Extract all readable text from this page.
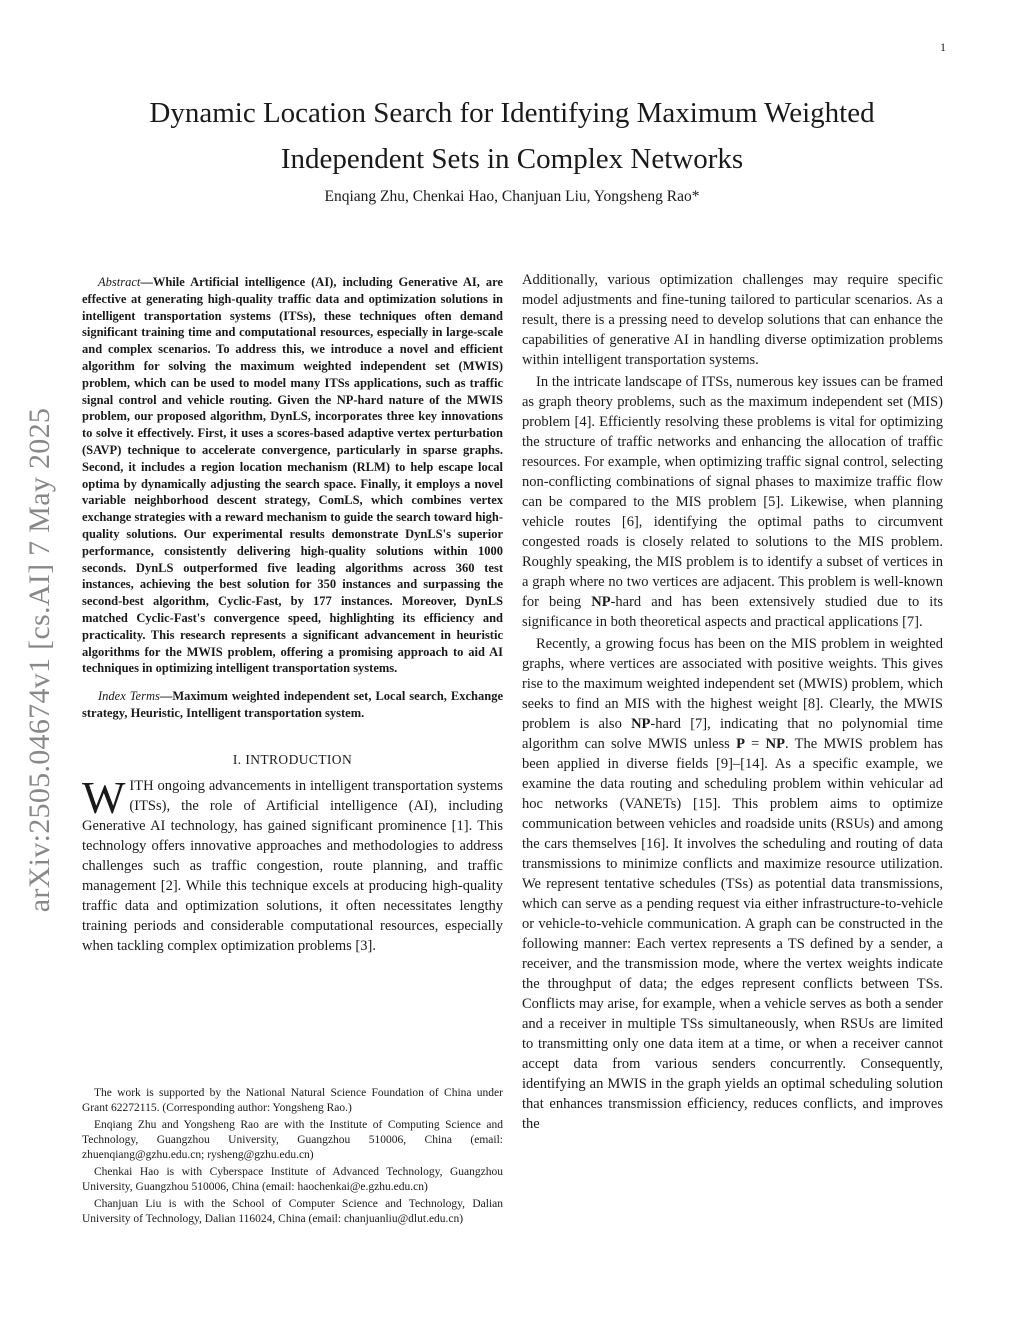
1
arXiv:2505.04674v1 [cs.AI] 7 May 2025
Dynamic Location Search for Identifying Maximum Weighted
Independent Sets in Complex Networks
Enqiang Zhu, Chenkai Hao, Chanjuan Liu, Yongsheng Rao*

Abstract—While Artificial intelligence (AI), including Generative AI, are effective at generating high-quality traffic data and optimization solutions in intelligent transportation systems (ITSs), these techniques often demand significant training time and computational resources, especially in large-scale and complex scenarios. To address this, we introduce a novel and efficient algorithm for solving the maximum weighted independent set (MWIS) problem, which can be used to model many ITSs applications, such as traffic signal control and vehicle routing. Given the NP-hard nature of the MWIS problem, our proposed algorithm, DynLS, incorporates three key innovations to solve it effectively. First, it uses a scores-based adaptive vertex perturbation (SAVP) technique to accelerate convergence, particularly in sparse graphs. Second, it includes a region location mechanism (RLM) to help escape local optima by dynamically adjusting the search space. Finally, it employs a novel variable neighborhood descent strategy, ComLS, which combines vertex exchange strategies with a reward mechanism to guide the search toward high-quality solutions. Our experimental results demonstrate DynLS's superior performance, consistently delivering high-quality solutions within 1000 seconds. DynLS outperformed five leading algorithms across 360 test instances, achieving the best solution for 350 instances and surpassing the second-best algorithm, Cyclic-Fast, by 177 instances. Moreover, DynLS matched Cyclic-Fast's convergence speed, highlighting its efficiency and practicality. This research represents a significant advancement in heuristic algorithms for the MWIS problem, offering a promising approach to aid AI techniques in optimizing intelligent transportation systems.

Index Terms—Maximum weighted independent set, Local search, Exchange strategy, Heuristic, Intelligent transportation system.

I. INTRODUCTION

WITH ongoing advancements in intelligent transportation systems (ITSs), the role of Artificial intelligence (AI), including Generative AI technology, has gained significant prominence [1]. This technology offers innovative approaches and methodologies to address challenges such as traffic congestion, route planning, and traffic management [2]. While this technique excels at producing high-quality traffic data and optimization solutions, it often necessitates lengthy training periods and considerable computational resources, especially when tackling complex optimization problems [3].

The work is supported by the National Natural Science Foundation of China under Grant 62272115. (Corresponding author: Yongsheng Rao.)

Enqiang Zhu and Yongsheng Rao are with the Institute of Computing Science and Technology, Guangzhou University, Guangzhou 510006, China (email: zhuenqiang@gzhu.edu.cn; rysheng@gzhu.edu.cn)

Chenkai Hao is with Cyberspace Institute of Advanced Technology, Guangzhou University, Guangzhou 510006, China (email: haochenkai@e.gzhu.edu.cn)

Chanjuan Liu is with the School of Computer Science and Technology, Dalian University of Technology, Dalian 116024, China (email: chanjuanliu@dlut.edu.cn)

Additionally, various optimization challenges may require specific model adjustments and fine-tuning tailored to particular scenarios. As a result, there is a pressing need to develop solutions that can enhance the capabilities of generative AI in handling diverse optimization problems within intelligent transportation systems.

In the intricate landscape of ITSs, numerous key issues can be framed as graph theory problems, such as the maximum independent set (MIS) problem [4]. Efficiently resolving these problems is vital for optimizing the structure of traffic networks and enhancing the allocation of traffic resources. For example, when optimizing traffic signal control, selecting non-conflicting combinations of signal phases to maximize traffic flow can be compared to the MIS problem [5]. Likewise, when planning vehicle routes [6], identifying the optimal paths to circumvent congested roads is closely related to solutions to the MIS problem. Roughly speaking, the MIS problem is to identify a subset of vertices in a graph where no two vertices are adjacent. This problem is well-known for being NP-hard and has been extensively studied due to its significance in both theoretical aspects and practical applications [7].

Recently, a growing focus has been on the MIS problem in weighted graphs, where vertices are associated with positive weights. This gives rise to the maximum weighted independent set (MWIS) problem, which seeks to find an MIS with the highest weight [8]. Clearly, the MWIS problem is also NP-hard [7], indicating that no polynomial time algorithm can solve MWIS unless P = NP. The MWIS problem has been applied in diverse fields [9]–[14]. As a specific example, we examine the data routing and scheduling problem within vehicular ad hoc networks (VANETs) [15]. This problem aims to optimize communication between vehicles and roadside units (RSUs) and among the cars themselves [16]. It involves the scheduling and routing of data transmissions to minimize conflicts and maximize resource utilization. We represent tentative schedules (TSs) as potential data transmissions, which can serve as a pending request via either infrastructure-to-vehicle or vehicle-to-vehicle communication. A graph can be constructed in the following manner: Each vertex represents a TS defined by a sender, a receiver, and the transmission mode, where the vertex weights indicate the throughput of data; the edges represent conflicts between TSs. Conflicts may arise, for example, when a vehicle serves as both a sender and a receiver in multiple TSs simultaneously, when RSUs are limited to transmitting only one data item at a time, or when a receiver cannot accept data from various senders concurrently. Consequently, identifying an MWIS in the graph yields an optimal scheduling solution that enhances transmission efficiency, reduces conflicts, and improves the
